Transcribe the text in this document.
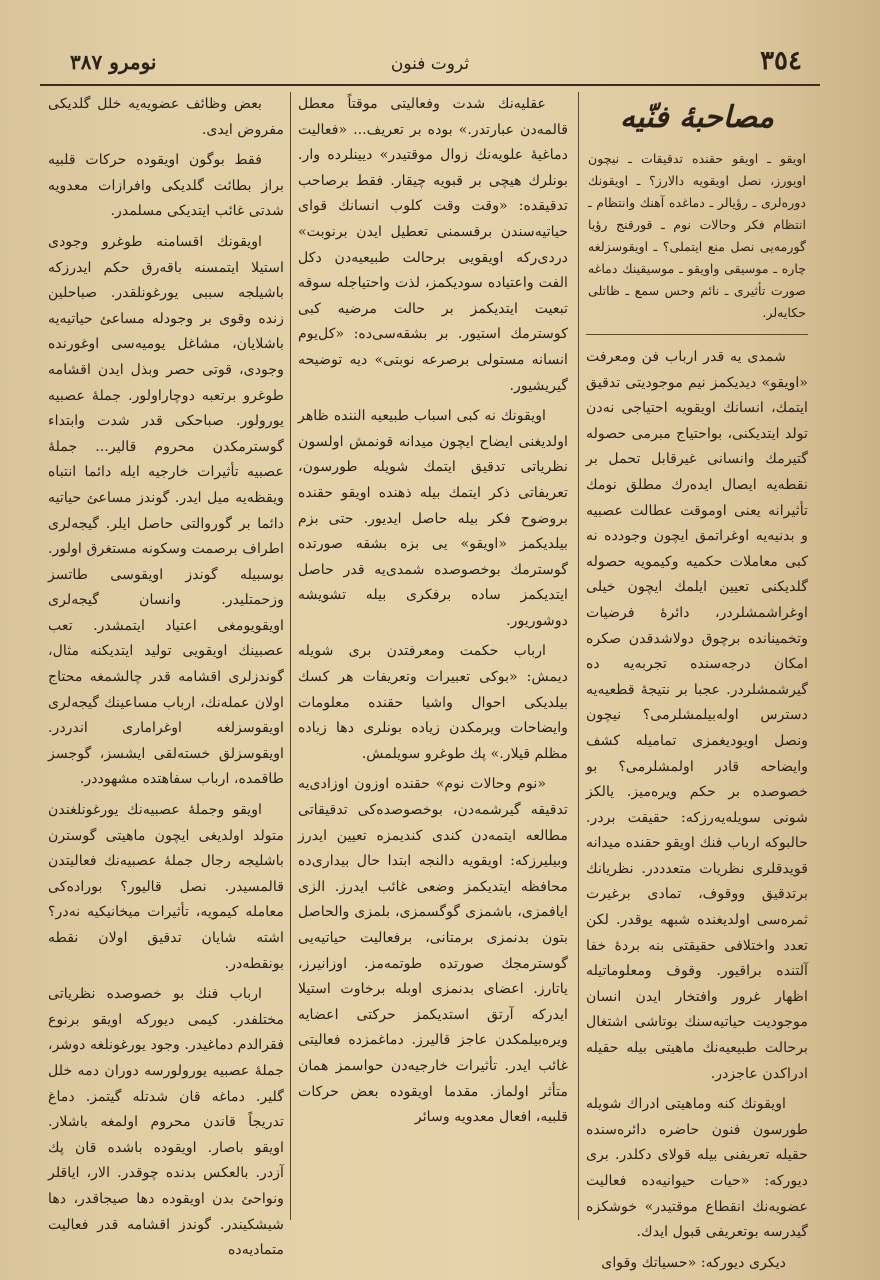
نومرو ٣٨٧	ثروت فنون	٣٥٤
مصاحبۀ فنّیه

اويقو ـ اويقو حقنده تدقيقات ـ نيچون اويورز، نصل اويقويه دالارز؟ ـ اويقونك دوره‌لرى ـ رؤيالر ـ دماغده آهنك وانتظام ـ انتظام فكر وحالات نوم ـ قورقنج رؤيا گورمه‌يى نصل منع ايتملى؟ ـ اويقوسزلغه چاره ـ موسيقى واويقو ـ موسيقينك دماغه صورت تأثيرى ـ نائم وحس سمع ـ ظاتلى حكايه‌لر.

شمدى يه قدر ارباب فن ومعرفت «اويقو» ديديكمز نيم موجوديتى تدقيق ايتمك، انسانك اويقويه احتياجى نه‌دن تولد ايتديكنى، بواحتياج مبرمى حصوله گتيرمك وانسانى غيرقابل تحمل بر نقطه‌يه ايصال ايده‌رك مطلق نومك تأثيرانه يعنى اوموقت عطالت عصبيه و بدنيه‌يه اوغراتمق ايچون وجودده نه كبى معاملات حكميه وكيمويه حصوله گلديكنى تعيين ايلمك ايچون خيلى اوغراشمشلردر، دائرۀ فرضيات وتخمينانده برچوق دولاشدقدن صكره امكان درجه‌سنده تجربه‌يه ده گيرشمشلردر. عجبا بر نتيجۀ قطعيه‌يه دسترس اوله‌بيلمشلرمى؟ نيچون ونصل اويوديغمزى تماميله كشف وايضاحه قادر اولمشلرمى؟ بو خصوصده بر حكم ويره‌ميز. يالكز شونى سويله‌يه‌رزكه: حقيقت بردر. حالبوكه ارباب فنك اويقو حقنده ميدانه قويدقلرى نظريات متعدددر. نظريانك برتدقيق ووقوف، تمادى برغيرت ثمره‌سى اولديغنده شبهه يوقدر. لكن تعدد واختلافى حقيقتى بنه بردۀ خفا آلتنده براقيور. وقوف ومعلوماتيله اظهار غرور وافتخار ايدن انسان موجوديت حياتيه‌سنك بوتاشى اشتغال برحالت طبيعيه‌نك ماهيتى بيله حقيله ادراكدن عاجزدر.

اويقونك كنه وماهيتى ادراك شويله طورسون فنون حاضره دائره‌سنده حقيله تعريفنى بيله قولاى دكلدر. برى ديوركه: «حيات حيوانيه‌ده فعاليت عضويه‌نك انقطاع موقتيدر» خوشكزه گيدرسه بوتعريفى قبول ايدك.

ديكرى ديوركه: «حسياتك وقواى

عقليه‌نك شدت وفعاليتى موقتاً معطل قالمه‌دن عبارتدر.» بوده بر تعريف... «فعاليت دماغيۀ علويه‌نك زوال موقتيدر» ديينلرده وار. بونلرك هيچى بر قبويه چيقار. فقط برصاحب تدقيقده: «وقت وقت كلوب انسانك قواى حياتيه‌سندن برقسمنى تعطيل ايدن برنوبت» دردى‌ركه اويقويى برحالت طبيعيه‌دن دكل الفت واعتياده سوديكمز، لذت واحتياجله سوقه تبعيت ايتديكمز بر حالت مرضيه كبى كوسترمك استيور. بر بشقه‌سى‌ده: «كل‌يوم انسانه مستولى برصرعه نوبتى» ديه توضيحه گيريشيور.

اويقونك نه كبى اسباب طبيعيه الننده ظاهر اولديغنى ايضاح ايچون ميدانه قونمش اولسون نظرياتى تدقيق ايتمك شويله طورسون، تعريفاتى ذكر ايتمك بيله ذهنده اويقو حقنده بروضوح فكر بيله حاصل ايديور. حتى بزم بيلديكمز «اويقو» يى بزه بشقه صورتده گوسترمك بوخصوصده شمدى‌يه قدر حاصل ايتديكمز ساده برفكرى بيله تشويشه دوشوريور.

ارباب حكمت ومعرفتدن برى شويله ديمش: «بوكى تعبيرات وتعريفات هر كسك بيلديكى احوال واشيا حقنده معلومات وايضاحات ويرمكدن زياده بونلرى دها زياده مظلم قيلار.» پك طوغرو سويلمش.

«نوم وحالات نوم» حقنده اوزون اوزادى‌يه تدقيقه گيرشمه‌دن، بوخصوصده‌كى تدقيقاتى مطالعه ايتمه‌دن كندى كنديمزه تعيين ايدرز وبيليرزكه: اويقويه دالنجه ابتدا حال بيدارى‌ده محافظه ايتديكمز وضعى غائب ايدرز. الزى ايافمزى، باشمزى گوگسمزى، بلمزى والحاصل بتون بدنمزى برمتانى، برفعاليت حياتيه‌يى گوسترمجك صورتده طوتمه‌مز. اوزانيرز، ياتارز. اعضاى بدنمزى اوبله برخاوت استيلا ايدركه آرتق استديكمز حركتى اعضايه ويره‌بيلمكدن عاجز قاليرز. دماغمزده فعاليتى غائب ايدر. تأثيرات خارجيه‌دن حواسمز همان متأثر اولماز. مقدما اويقوده بعض حركات قلبيه، افعال معدويه وسائر

بعض وظائف عضويه‌يه خلل گلديكى مفروض ايدى.

فقط بوگون اويقوده حركات قلبيه براز بطائت گلديكى وافرازات معدويه شدتى غائب ايتديكى مسلمدر.

اويقونك اقسامنه طوغرو وجودى استيلا ايتمسنه باقه‌رق حكم ايدرزكه باشيلجه سببى يورغونلقدر. صباحلين زنده وقوى بر وجودله مساعئ حياتيه‌يه باشلايان، مشاغل يوميه‌سى اوغورنده وجودى، قوتى حصر وبذل ايدن اقشامه طوغرو برتعبه دوچاراولور. جملۀ عصبيه يورولور. صباحكى قدر شدت وابتداء گوسترمكدن محروم قالير... جملۀ عصبيه تأثيرات خارجيه ايله دائما انتباه ويقظه‌يه ميل ايدر. گوندز مساعئ حياتيه دائما بر گوروالتى حاصل ايلر. گيجه‌لرى اطراف برصمت وسكونه مستغرق اولور. بوسبيله گوندز اويقوسى طاتسز وزحمتليدر. وانسان گيجه‌لرى اويقويومغى اعتياد ايتمشدر. تعب عصبينك اويقويى توليد ايتديكنه مثال، گوندزلرى اقشامه قدر چالشمغه محتاج اولان عمله‌نك، ارباب مساعينك گيجه‌لرى اويقوسزلغه اوغرامارى اندردر. اويقوسزلق خسته‌لقى ايشسز، گوجسز طاقمده، ارباب سفاهتده مشهوددر.

اويقو وجملۀ عصبيه‌نك يورغونلغندن متولد اولديغى ايچون ماهيتى گوسترن باشليجه رجال جملۀ عصبيه‌نك فعاليتدن قالمسيدر. نصل قاليور؟ بوراده‌كى معامله كيمويه، تأثيرات ميخانيكيه نه‌در؟ اشته شايان تدقيق اولان نقطه بونقطه‌در.

ارباب فنك بو خصوصده نظرياتى مختلفدر. كيمى ديوركه اويقو برنوع فقرالدم دماغيدر. وجود يورغونلغه دوشر، جملۀ عصبيه يورولورسه دوران دمه خلل گلير. دماغه قان شدتله گيتمز. دماغ تدريجاً قاندن محروم اولمغه باشلار. اويقو باصار. اويقوده باشده قان پك آزدر. بالعكس بدنده چوقدر. الار، اياقلر ونواحئ بدن اويقوده دها صيجاقدر، دها شيشكيندر. گوندز اقشامه قدر فعاليت متماديه‌ده
